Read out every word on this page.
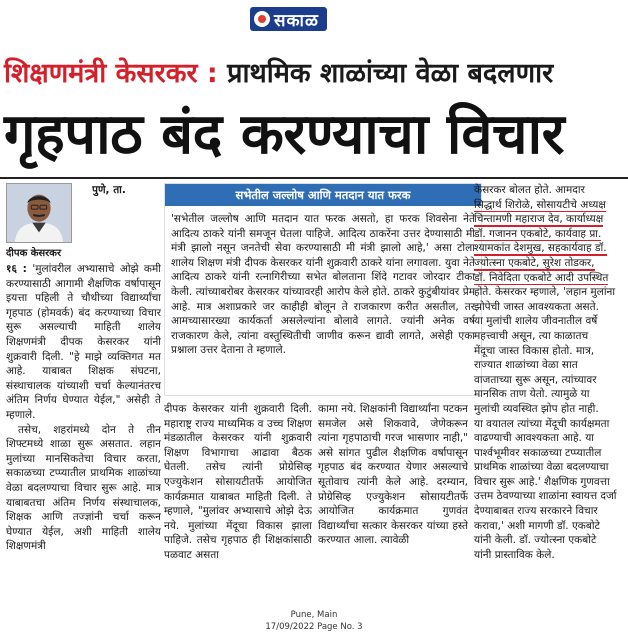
सकाळ
शिक्षणमंत्री केसरकर : प्राथमिक शाळांच्या वेळा बदलणार
गृहपाठ बंद करण्याचा विचार
दीपक केसरकर

पुणे, ता.

१६ : 'मुलांवरील अभ्यासाचे ओझे कमी करण्यासाठी आगामी शैक्षणिक वर्षापासून इयत्ता पहिली ते चौथीच्या विद्यार्थ्यांचा गृहपाठ (होमवर्क) बंद करण्याच्या विचार सुरू असल्याची माहिती शालेय शिक्षणमंत्री दीपक केसरकर यांनी शुक्रवारी दिली. "हे माझे व्यक्तिगत मत आहे. याबाबत शिक्षक संघटना, संस्थाचालक यांच्याशी चर्चा केल्यानंतरच अंतिम निर्णय घेण्यात येईल," असेही ते म्हणाले.

तसेच, शहरांमध्ये दोन ते तीन शिफ्टमध्ये शाळा सुरू असतात. लहान मुलांच्या मानसिकतेचा विचार करता, सकाळच्या टप्प्यातील प्राथमिक शाळांच्या वेळा बदलण्याचा विचार सुरू आहे. मात्र याबाबतचा अंतिम निर्णय संस्थाचालक, शिक्षक आणि तज्ज्ञांनी चर्चा करून घेण्यात येईल, अशी माहिती शालेय शिक्षणमंत्री

सभेतील जल्लोष आणि मतदान यात फरक
'सभेतील जल्लोष आणि मतदान यात फरक असतो, हा फरक शिवसेना नेते आदित्य ठाकरे यांनी समजून घेतला पाहिजे. आदित्य ठाकरेंना उत्तर देण्यासाठी मी मंत्री झालो नसून जनतेची सेवा करण्यासाठी मी मंत्री झालो आहे,' असा टोला शालेय शिक्षण मंत्री दीपक केसरकर यांनी शुक्रवारी ठाकरे यांना लगावला. युवा नेते आदित्य ठाकरे यांनी रत्नागिरीच्या सभेत बोलताना शिंदे गटावर जोरदार टीका केली. त्यांच्याबरोबर केसरकर यांच्यावरही आरोप केले होते. ठाकरे कुटुंबीयांवर प्रेम आहे. मात्र अशाप्रकारे जर काहीही बोलून ते राजकारण करीत असतील, तर आमच्यासारख्या कार्यकर्ता असलेल्यांना बोलावे लागते. ज्यांनी अनेक वर्ष राजकारण केले, त्यांना वस्तुस्थितीची जाणीव करून द्यावी लागते, असेही एका प्रश्नाला उत्तर देताना ते म्हणाले.
दीपक केसरकर यांनी शुक्रवारी दिली. महाराष्ट्र राज्य माध्यमिक व उच्च शिक्षण मंडळातील केसरकर यांनी शुक्रवारी शिक्षण विभागाचा आढावा बैठक घेतली. तसेच त्यांनी प्रोग्रेसिव्ह एज्युकेशन सोसायटीतर्फे आयोजित कार्यक्रमात याबाबत माहिती दिली. ते म्हणाले, "मुलांवर अभ्यासाचे ओझे देऊ नये. मुलांच्या मेंदूचा विकास झाला पाहिजे. तसेच गृहपाठ ही शिक्षकांसाठी पळवाट असता
कामा नये. शिक्षकांनी विद्यार्थ्यांना पटकन समजेल असे शिकवावे, जेणेकरून त्यांना गृहपाठाची गरज भासणार नाही," असे सांगत पुढील शैक्षणिक वर्षापासून गृहपाठ बंद करण्यात येणार असल्याचे सूतोवाच त्यांनी केले आहे. दरम्यान, प्रोग्रेसिव्ह एज्युकेशन सोसायटीतर्फे आयोजित कार्यक्रमात गुणवंत विद्यार्थ्यांचा सत्कार केसरकर यांच्या हस्ते करण्यात आला. त्यावेळी
केसरकर बोलत होते. आमदार
सिद्धार्थ शिरोळे, सोसायटीचे अध्यक्ष
चिन्तामणी महाराज देव, कार्याध्यक्ष
डॉ. गजानन एकबोटे, कार्यवाह प्रा.
श्यामकांत देशमुख, सहकार्यवाह डॉ.
ज्योत्स्ना एकबोटे, सुरेश तोडकर,
डॉ. निवेदिता एकबोटे आदी उपस्थित
होते. केसरकर म्हणाले, 'लहान मुलांना
झोपेची जास्त आवश्यकता असते.
या मुलांची शालेय जीवनातील वर्षे
महत्त्वाची असून, त्या काळातच
मेंदूचा जास्त विकास होतो. मात्र,
राज्यात शाळांच्या वेळा सात
वाजताच्या सुरू असून, त्यांच्यावर
मानसिक ताण येतो. त्यामुळे या
मुलांची व्यवस्थित झोप होत नाही.
या वयातल त्यांच्या मेंदूची कार्यक्षमता
वाढण्याची आवश्यकता आहे. या
पार्श्वभूमीवर सकाळच्या टप्प्यातील
प्राथमिक शाळांच्या वेळा बदलण्याचा
विचार सुरू आहे.' शैक्षणिक गुणवत्ता
उत्तम ठेवण्याच्या शाळांना स्वायत्त दर्जा
देण्याबाबत राज्य सरकारने विचार
करावा,' अशी मागणी डॉ. एकबोटे
यांनी केली. डॉ. ज्योत्स्ना एकबोटे
यांनी प्रास्ताविक केले.
Pune, Main
17/09/2022 Page No. 3
